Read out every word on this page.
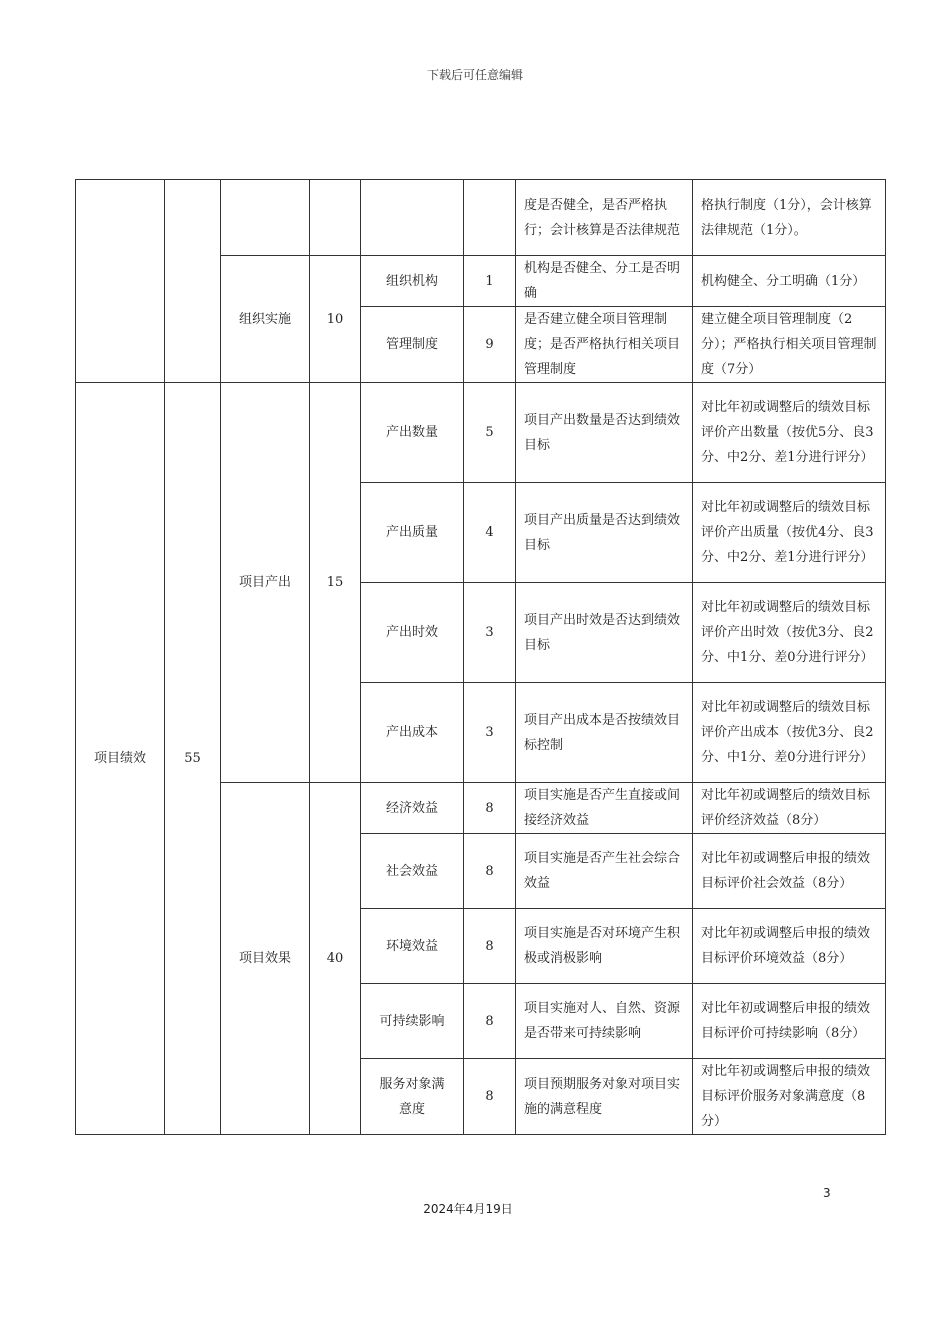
下载后可任意编辑
						度是否健全，是否严格执行；会计核算是否法律规范	格执行制度（1分），会计核算法律规范（1分）。
		组织实施	10	组织机构	1	机构是否健全、分工是否明确	机构健全、分工明确（1分）
				管理制度	9	是否建立健全项目管理制度；是否严格执行相关项目管理制度	建立健全项目管理制度（2分）；严格执行相关项目管理制度（7分）
项目绩效	55	项目产出	15	产出数量	5	项目产出数量是否达到绩效目标	对比年初或调整后的绩效目标评价产出数量（按优5分、良3分、中2分、差1分进行评分）
				产出质量	4	项目产出质量是否达到绩效目标	对比年初或调整后的绩效目标评价产出质量（按优4分、良3分、中2分、差1分进行评分）
				产出时效	3	项目产出时效是否达到绩效目标	对比年初或调整后的绩效目标评价产出时效（按优3分、良2分、中1分、差0分进行评分）
				产出成本	3	项目产出成本是否按绩效目标控制	对比年初或调整后的绩效目标评价产出成本（按优3分、良2分、中1分、差0分进行评分）
		项目效果	40	经济效益	8	项目实施是否产生直接或间接经济效益	对比年初或调整后的绩效目标评价经济效益（8分）
				社会效益	8	项目实施是否产生社会综合效益	对比年初或调整后申报的绩效目标评价社会效益（8分）
				环境效益	8	项目实施是否对环境产生积极或消极影响	对比年初或调整后申报的绩效目标评价环境效益（8分）
				可持续影响	8	项目实施对人、自然、资源是否带来可持续影响	对比年初或调整后申报的绩效目标评价可持续影响（8分）
				服务对象满意度	8	项目预期服务对象对项目实施的满意程度	对比年初或调整后申报的绩效目标评价服务对象满意度（8分）
3
2024年4月19日
